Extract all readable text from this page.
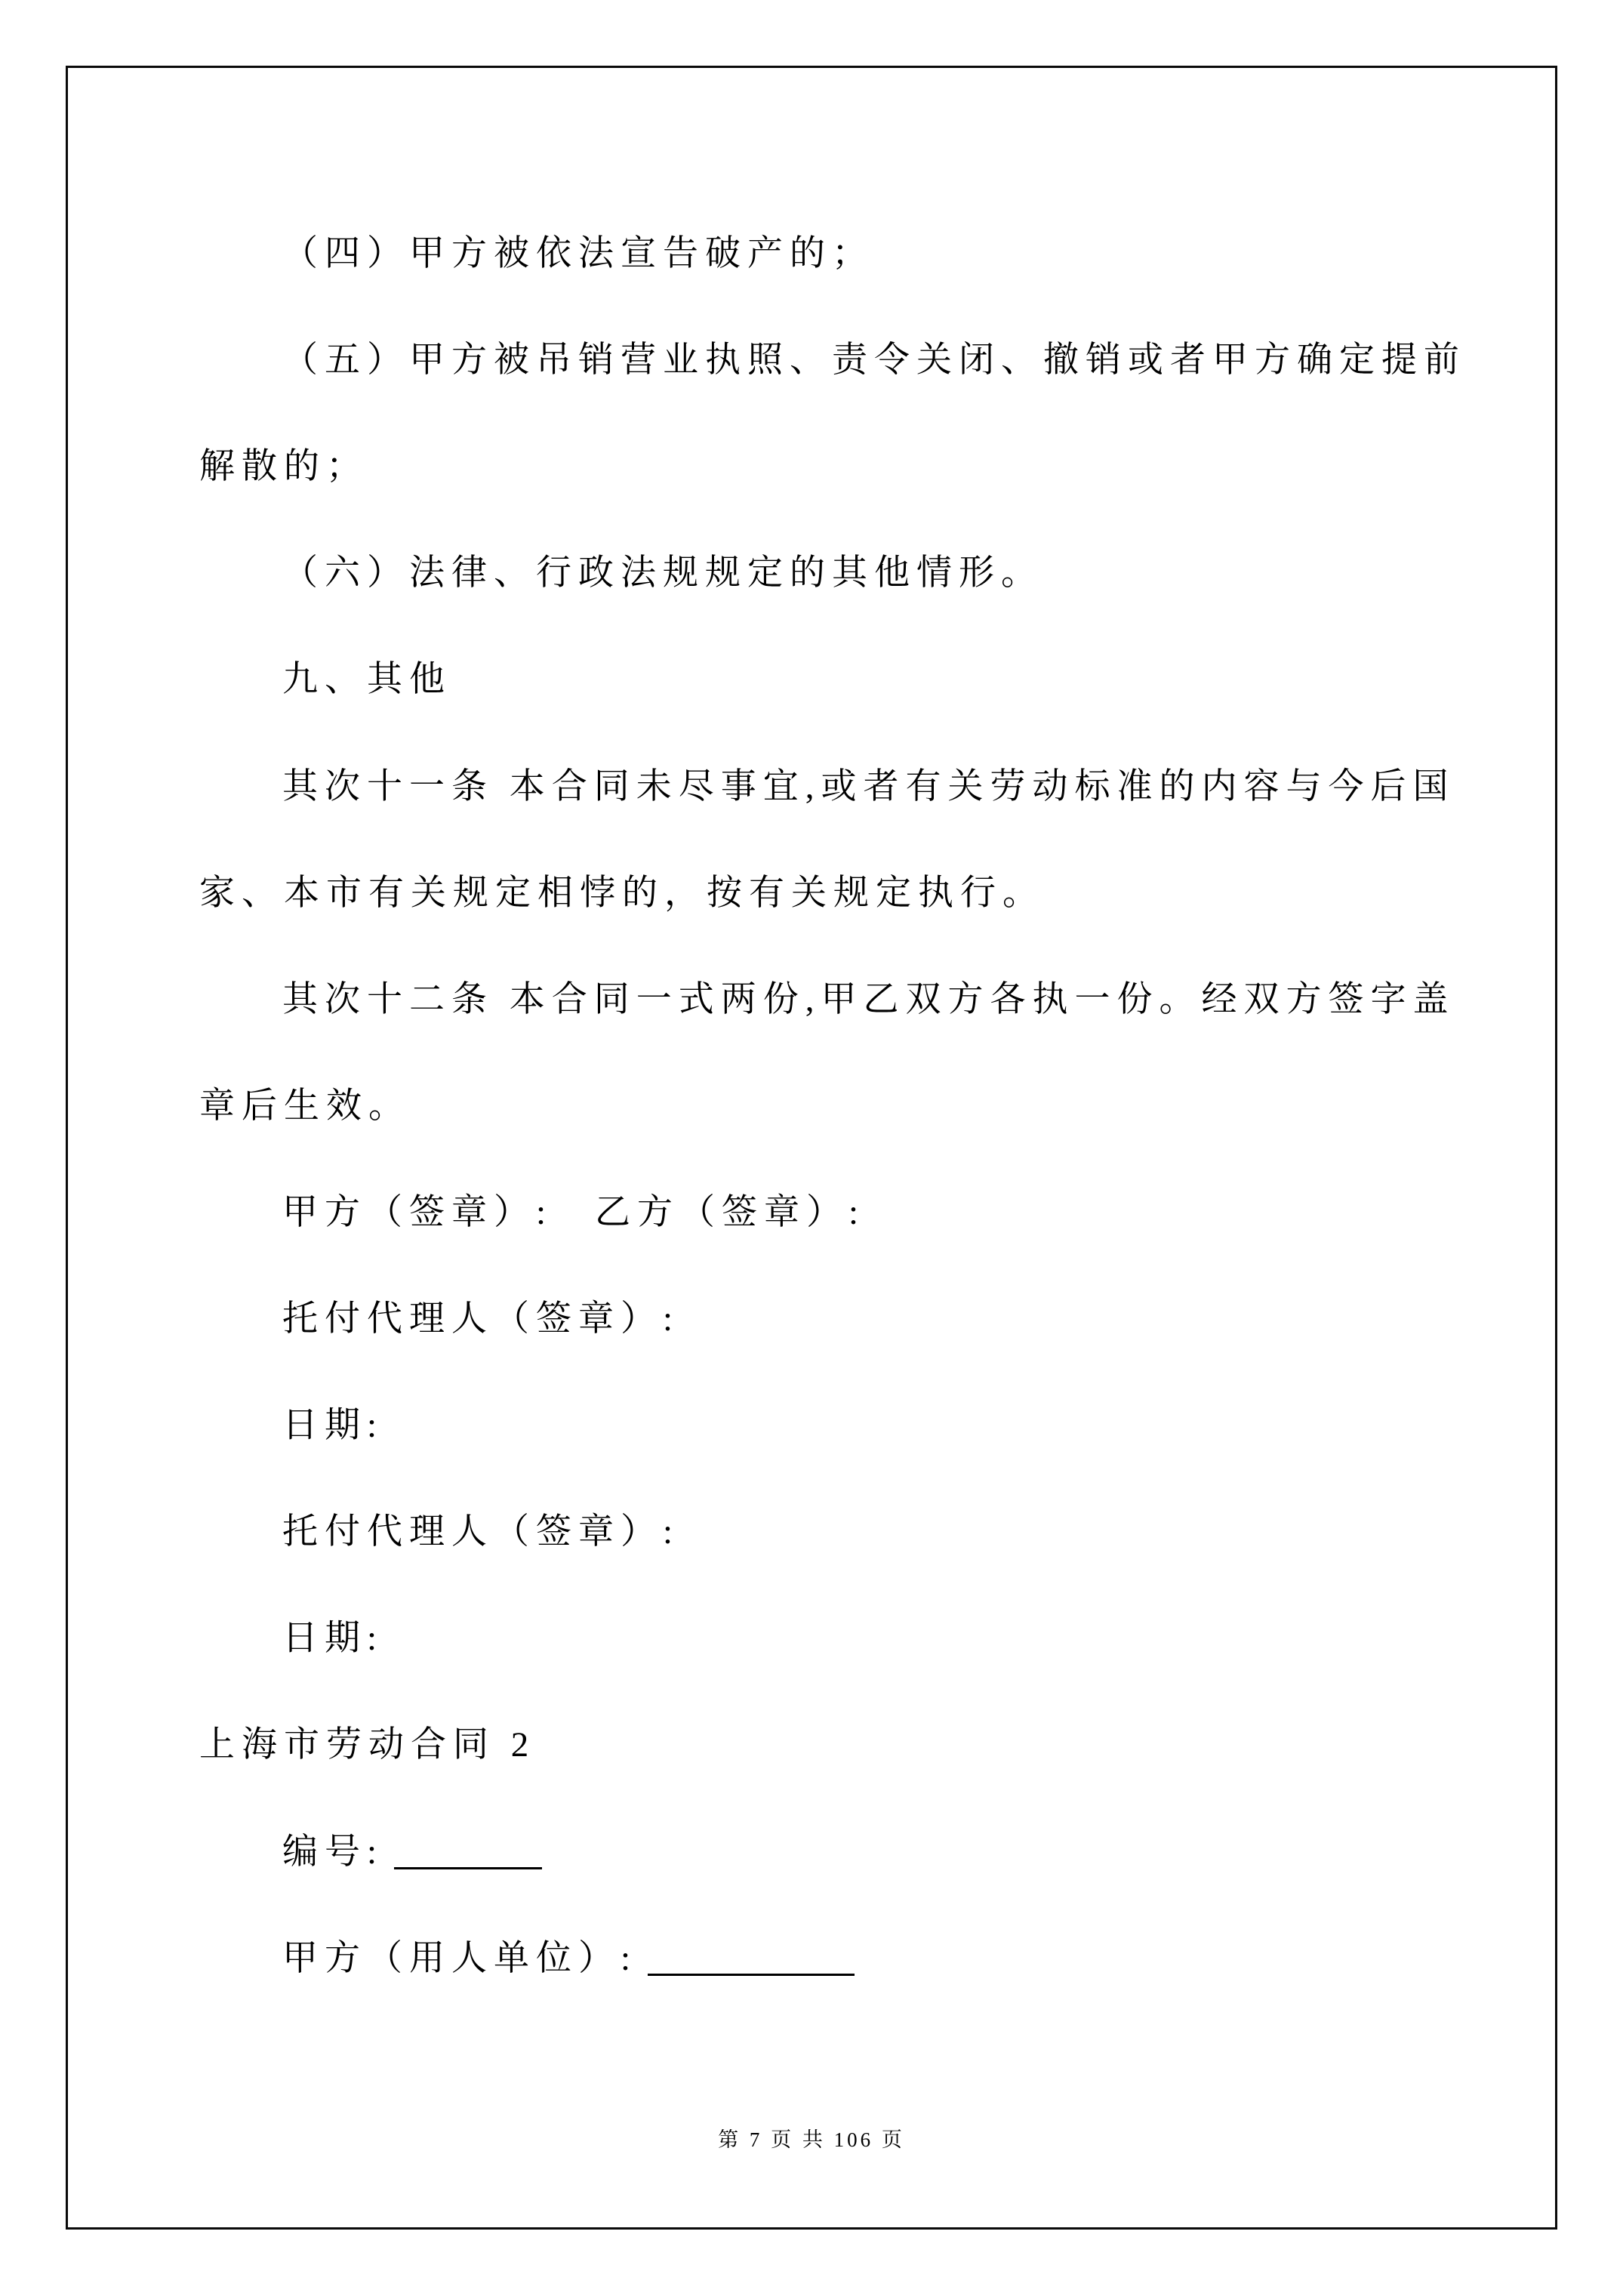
（四）甲方被依法宣告破产的；
（五）甲方被吊销营业执照、责令关闭、撤销或者甲方确定提前
解散的；
（六）法律、行政法规规定的其他情形。
九、其他
其次十一条 本合同未尽事宜,或者有关劳动标准的内容与今后国
家、本市有关规定相悖的，按有关规定执行。
其次十二条 本合同一式两份,甲乙双方各执一份。经双方签字盖
章后生效。
甲方（签章）:　乙方（签章）:
托付代理人（签章）:
日期:
托付代理人（签章）:
日期:
上海市劳动合同 2
编号:
甲方（用人单位）:
第 7 页 共 106 页
